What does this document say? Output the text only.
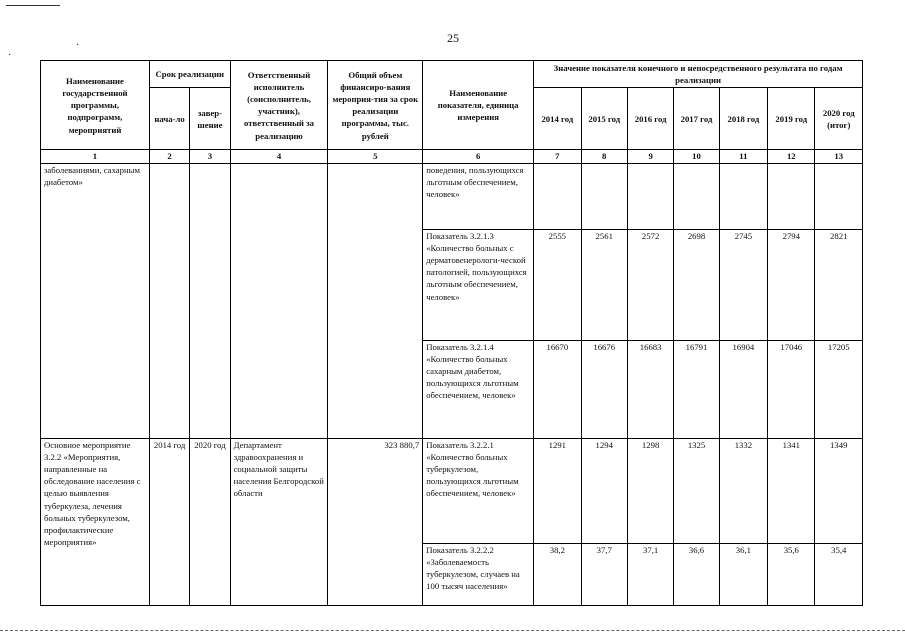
·
·
25
Наименование государственной программы, подпрограмм, мероприятий	Срок реализации		Ответственный исполнитель (соисполнитель, участник), ответственный за реализацию	Общий объем финансиро-вания мероприя-тия за срок реализации программы, тыс. рублей	Наименование показателя, единица измерения	Значение показателя конечного и непосредственного результата по годам реализации						
	нача-ло	завер-шение				2014 год	2015 год	2016 год	2017 год	2018 год	2019 год	2020 год (итог)
1	2	3	4	5	6	7	8	9	10	11	12	13
заболеваниями, сахарным диабетом»					поведения, пользующихся льготным обеспечением, человек»							
					Показатель 3.2.1.3 «Количество больных с дерматовенерологи-ческой патологией, пользующихся льготным обеспечением, человек»	2555	2561	2572	2698	2745	2794	2821
					Показатель 3.2.1.4 «Количество больных сахарным диабетом, пользующихся льготным обеспечением, человек»	16670	16676	16683	16791	16904	17046	17205
Основное мероприятие 3.2.2 «Мероприятия, направленные на обследование населения с целью выявления туберкулеза, лечения больных туберкулезом, профилактические мероприятия»	2014 год	2020 год	Департамент здравоохранения и социальной защиты населения Белгородской области	323 880,7	Показатель 3.2.2.1 «Количество больных туберкулезом, пользующихся льготным обеспечением, человек»	1291	1294	1298	1325	1332	1341	1349
					Показатель 3.2.2.2 «Заболеваемость туберкулезом, случаев на 100 тысяч населения»	38,2	37,7	37,1	36,6	36,1	35,6	35,4
